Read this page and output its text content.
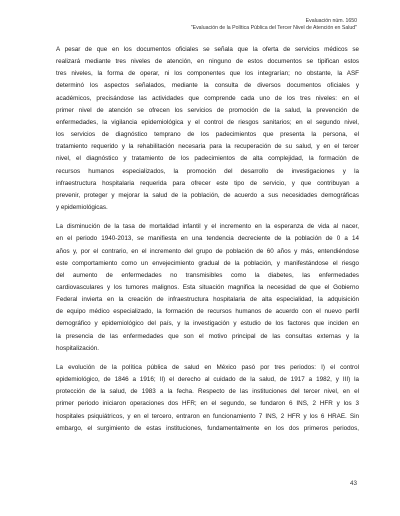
Evaluación núm. 1650
"Evaluación de la Política Pública del Tercer Nivel de Atención en Salud"

A pesar de que en los documentos oficiales se señala que la oferta de servicios médicos se
realizará mediante tres niveles de atención, en ninguno de estos documentos se tipifican estos
tres niveles, la forma de operar, ni los componentes que los integrarían; no obstante, la ASF
determinó los aspectos señalados, mediante la consulta de diversos documentos oficiales y
académicos, precisándose las actividades que comprende cada uno de los tres niveles: en el
primer nivel de atención se ofrecen los servicios de promoción de la salud, la prevención de
enfermedades, la vigilancia epidemiológica y el control de riesgos sanitarios; en el segundo nivel,
los servicios de diagnóstico temprano de los padecimientos que presenta la persona, el
tratamiento requerido y la rehabilitación necesaria para la recuperación de su salud, y en el tercer
nivel, el diagnóstico y tratamiento de los padecimientos de alta complejidad, la formación de
recursos humanos especializados, la promoción del desarrollo de investigaciones y la
infraestructura hospitalaria requerida para ofrecer este tipo de servicio, y que contribuyan a
prevenir, proteger y mejorar la salud de la población, de acuerdo a sus necesidades demográficas
y epidemiológicas.

La disminución de la tasa de mortalidad infantil y el incremento en la esperanza de vida al nacer,
en el periodo 1940-2013, se manifiesta en una tendencia decreciente de la población de 0 a 14
años y, por el contrario, en el incremento del grupo de población de 60 años y más, entendiéndose
este comportamiento como un envejecimiento gradual de la población, y manifestándose el riesgo
del aumento de enfermedades no transmisibles como la diabetes, las enfermedades
cardiovasculares y los tumores malignos. Esta situación magnifica la necesidad de que el Gobierno
Federal invierta en la creación de infraestructura hospitalaria de alta especialidad, la adquisición
de equipo médico especializado, la formación de recursos humanos de acuerdo con el nuevo perfil
demográfico y epidemiológico del país, y la investigación y estudio de los factores que inciden en
la presencia de las enfermedades que son el motivo principal de las consultas externas y la
hospitalización.

La evolución de la política pública de salud en México pasó por tres periodos: I) el control
epidemiológico, de 1846 a 1916; II) el derecho al cuidado de la salud, de 1917 a 1982, y III) la
protección de la salud, de 1983 a la fecha. Respecto de las instituciones del tercer nivel, en el
primer periodo iniciaron operaciones dos HFR; en el segundo, se fundaron 6 INS, 2 HFR y los 3
hospitales psiquiátricos, y en el tercero, entraron en funcionamiento 7 INS, 2 HFR y los 6 HRAE. Sin
embargo, el surgimiento de estas instituciones, fundamentalmente en los dos primeros periodos,

43
